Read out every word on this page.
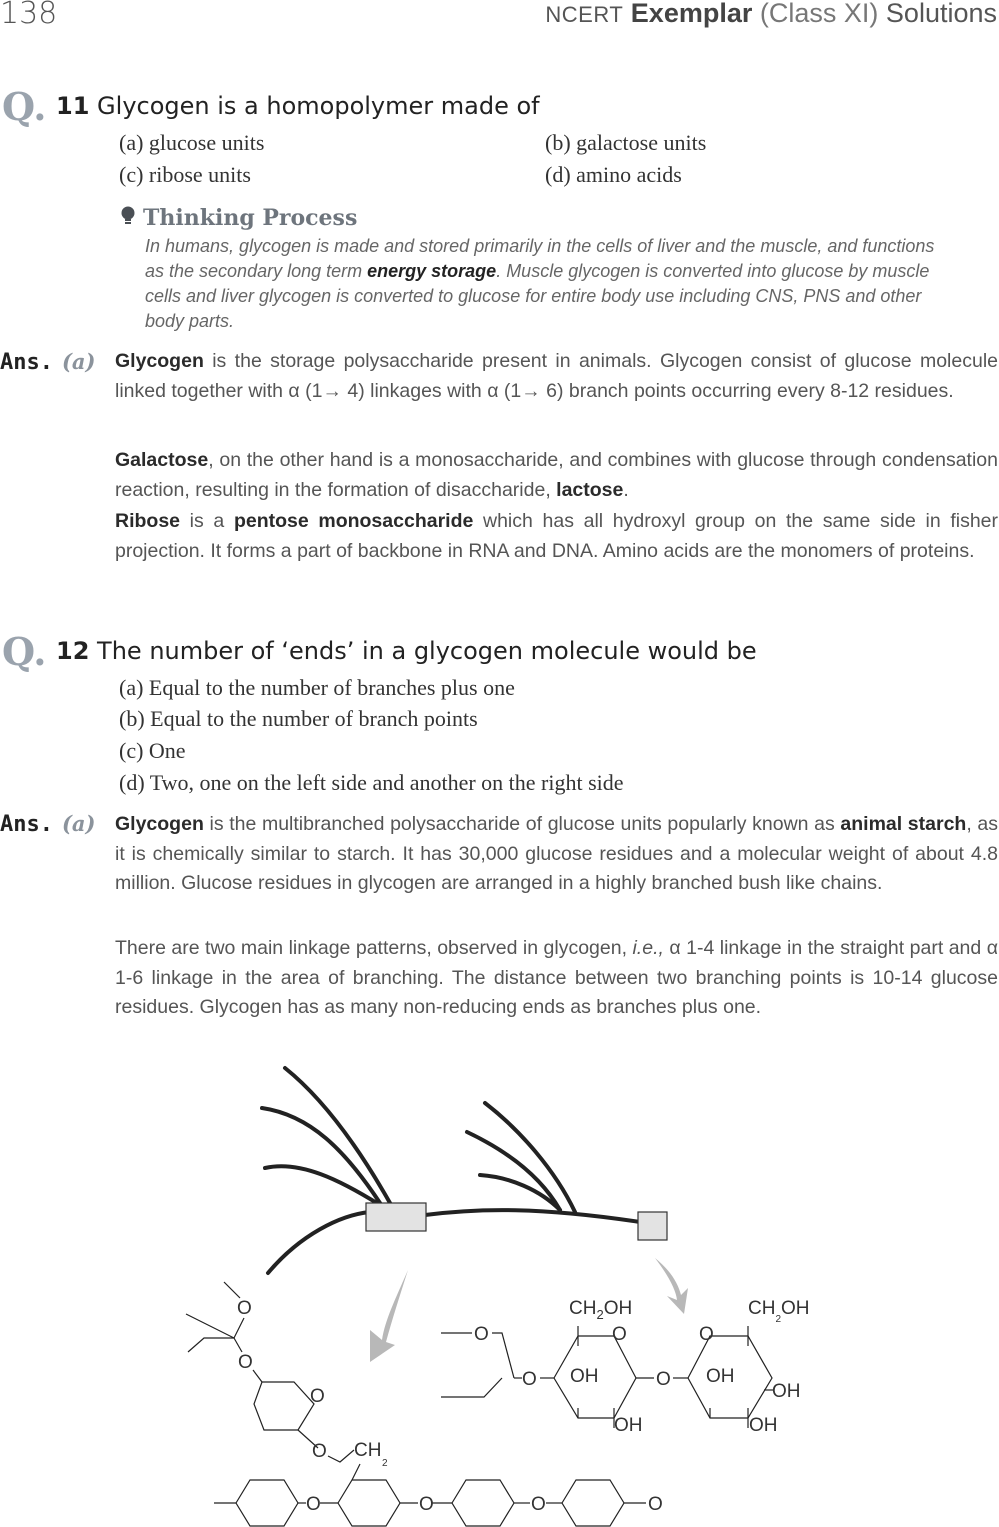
138	NCERT Exemplar (Class XI) Solutions
Q. 11 Glycogen is a homopolymer made of
(a) glucose units	(b) galactose units
(c) ribose units	(d) amino acids
Thinking Process
In humans, glycogen is made and stored primarily in the cells of liver and the muscle, and functions as the secondary long term energy storage. Muscle glycogen is converted into glucose by muscle cells and liver glycogen is converted to glucose for entire body use including CNS, PNS and other body parts.
Ans. (a) Glycogen is the storage polysaccharide present in animals. Glycogen consist of glucose molecule linked together with α (1→ 4) linkages with α (1→ 6) branch points occurring every 8-12 residues.

Galactose, on the other hand is a monosaccharide, and combines with glucose through condensation reaction, resulting in the formation of disaccharide, lactose.

Ribose is a pentose monosaccharide which has all hydroxyl group on the same side in fisher projection. It forms a part of backbone in RNA and DNA. Amino acids are the monomers of proteins.

Q. 12 The number of ‘ends’ in a glycogen molecule would be
(a) Equal to the number of branches plus one
(b) Equal to the number of branch points
(c) One
(d) Two, one on the left side and another on the right side
Ans. (a) Glycogen is the multibranched polysaccharide of glucose units popularly known as animal starch, as it is chemically similar to starch. It has 30,000 glucose residues and a molecular weight of about 4.8 million. Glucose residues in glycogen are arranged in a highly branched bush like chains.

There are two main linkage patterns, observed in glycogen, i.e., α 1-4 linkage in the straight part and α 1-6 linkage in the area of branching. The distance between two branching points is 10-14 glucose residues. Glycogen has as many non-reducing ends as branches plus one.

O
O
O
O CH
2
O	O	O	O
O
O
O
O
O
$CH_2OH$	$CH_2OH$
OH
OH
OH
OH
OH
